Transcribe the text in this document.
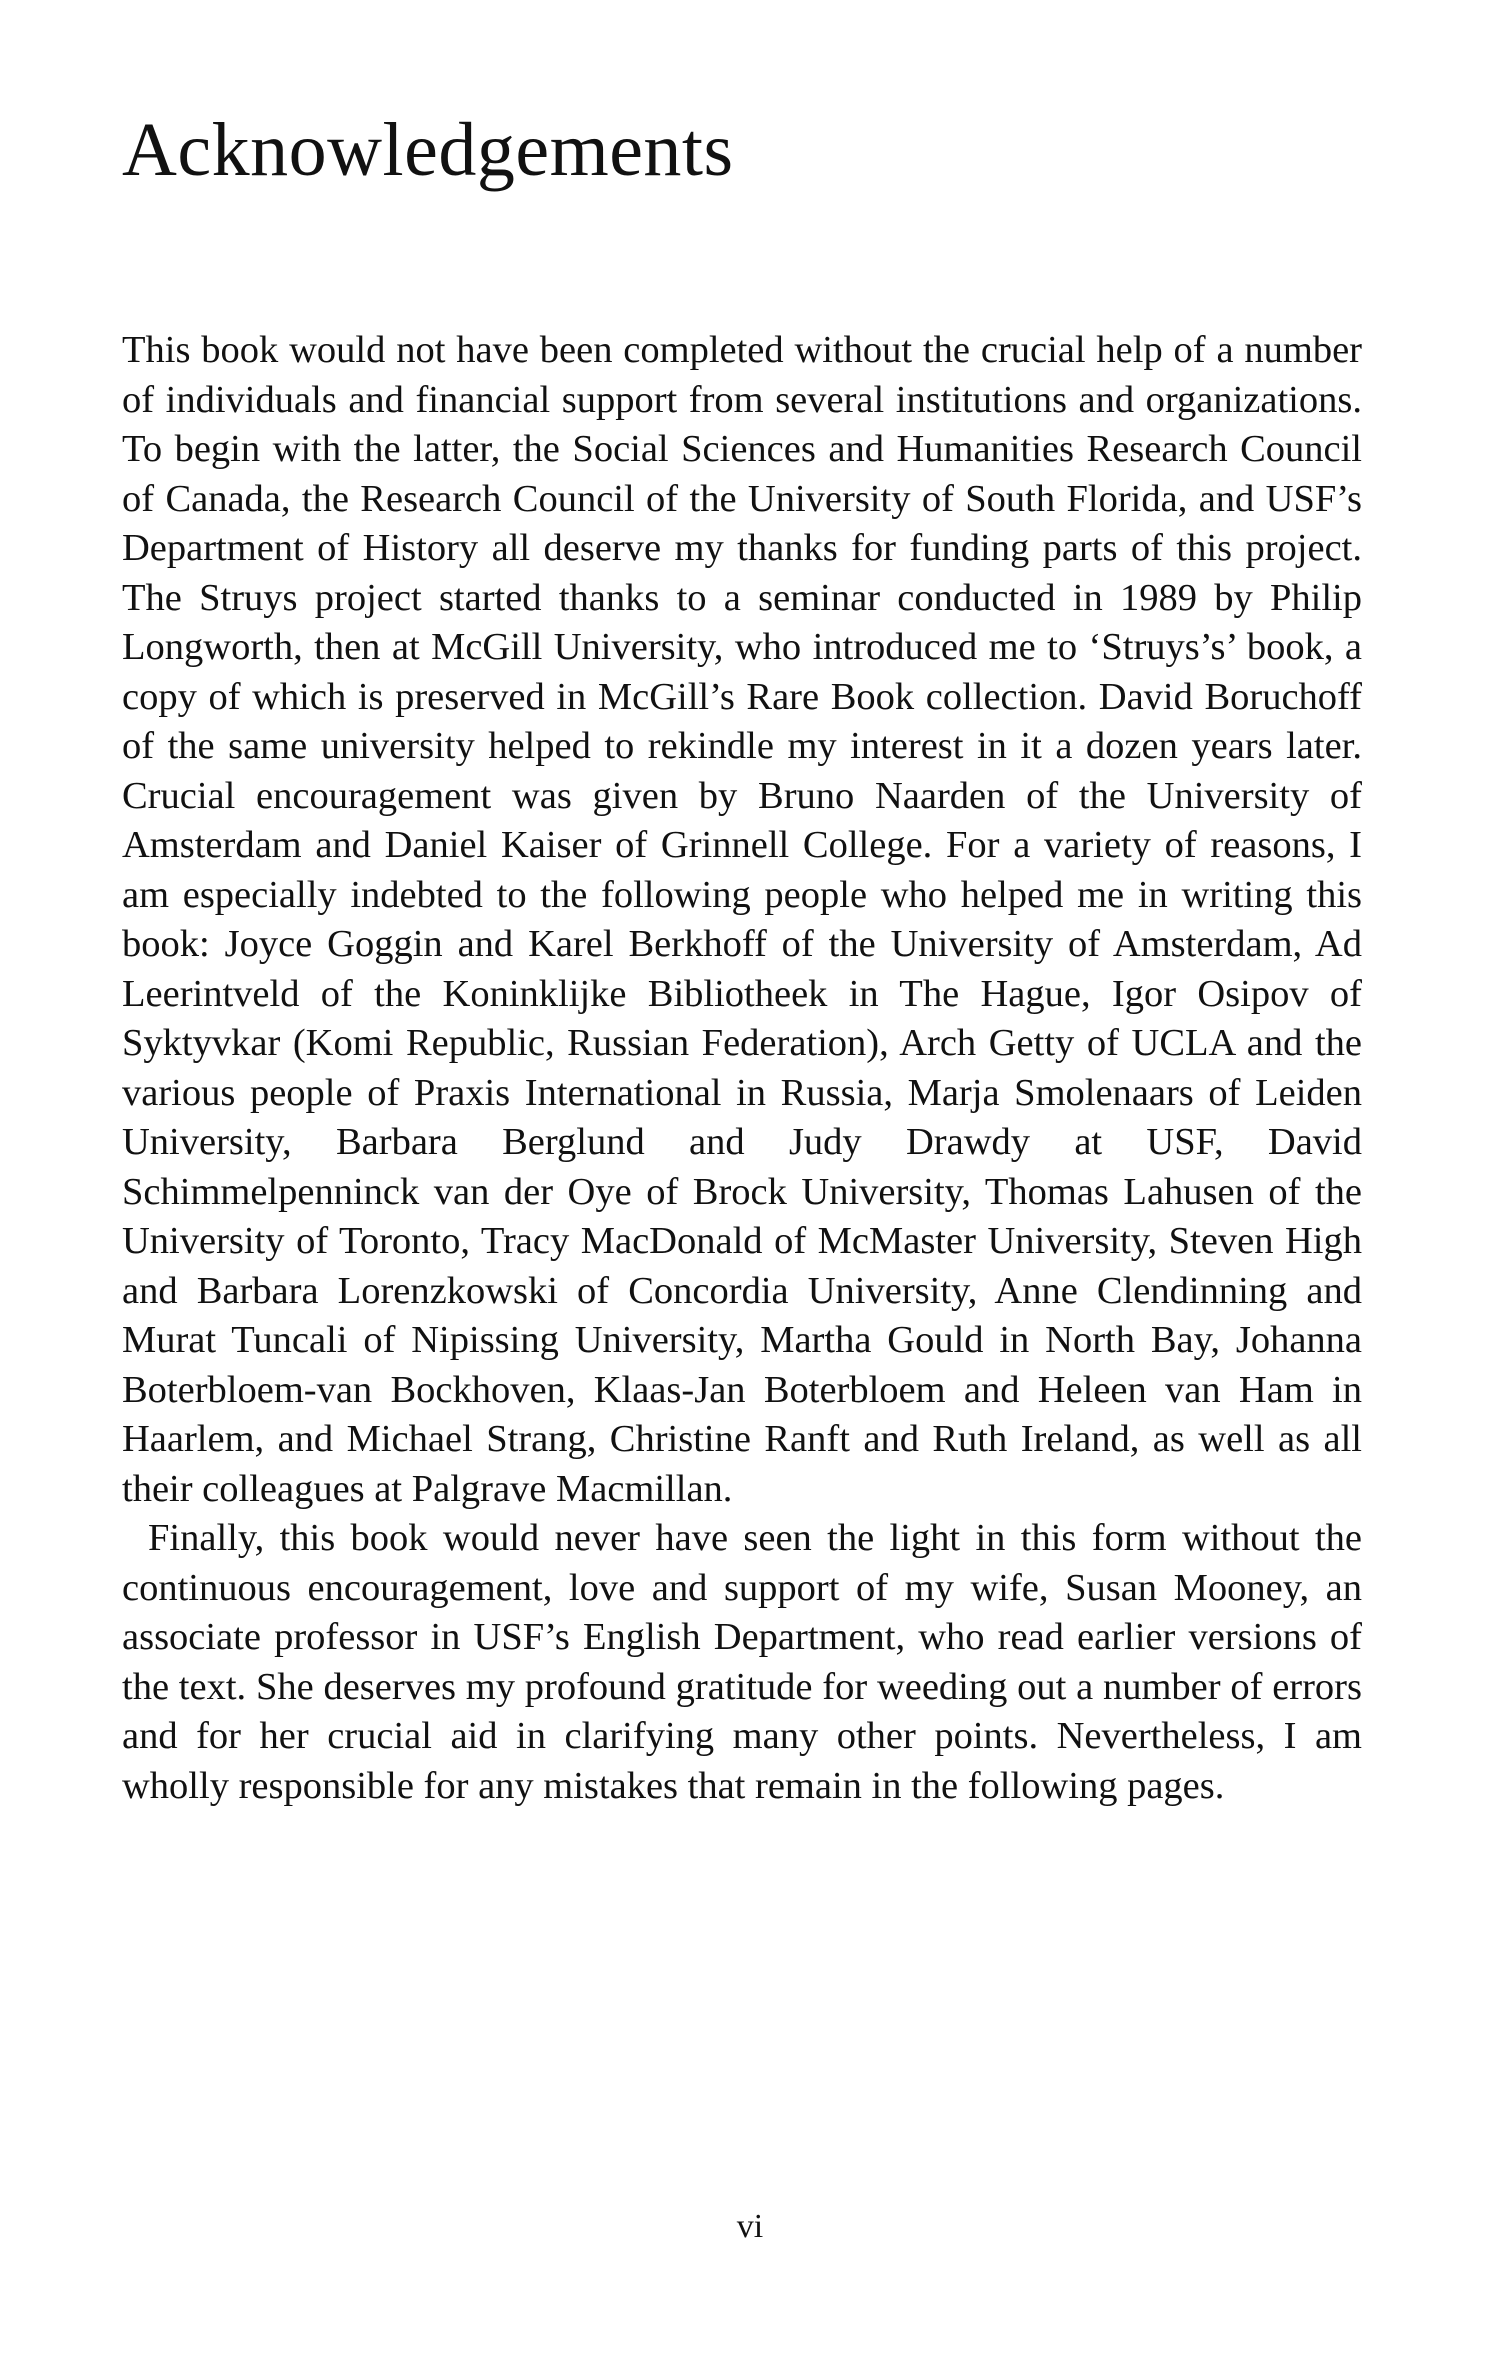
Acknowledgements

This book would not have been completed without the crucial help of a number of individuals and financial support from several institutions and organizations. To begin with the latter, the Social Sciences and Humanities Research Council of Canada, the Research Council of the University of South Florida, and USF’s Department of History all deserve my thanks for funding parts of this project. The Struys project started thanks to a seminar conducted in 1989 by Philip Longworth, then at McGill University, who introduced me to ‘Struys’s’ book, a copy of which is preserved in McGill’s Rare Book collection. David Boruchoff of the same university helped to rekindle my interest in it a dozen years later. Crucial encouragement was given by Bruno Naarden of the University of Amsterdam and Daniel Kaiser of Grinnell College. For a variety of reasons, I am especially indebted to the following people who helped me in writing this book: Joyce Goggin and Karel Berkhoff of the University of Amsterdam, Ad Leerintveld of the Koninklijke Bibliotheek in The Hague, Igor Osipov of Syktyvkar (Komi Republic, Russian Federation), Arch Getty of UCLA and the various people of Praxis International in Russia, Marja Smolenaars of Leiden University, Barbara Berglund and Judy Drawdy at USF, David Schimmelpenninck van der Oye of Brock University, Thomas Lahusen of the University of Toronto, Tracy MacDonald of McMaster University, Steven High and Barbara Lorenzkowski of Concordia University, Anne Clendinning and Murat Tuncali of Nipissing University, Martha Gould in North Bay, Johanna Boterbloem-van Bockhoven, Klaas-Jan Boterbloem and Heleen van Ham in Haarlem, and Michael Strang, Christine Ranft and Ruth Ireland, as well as all their colleagues at Palgrave Macmillan.

Finally, this book would never have seen the light in this form without the continuous encouragement, love and support of my wife, Susan Mooney, an associate professor in USF’s English Department, who read earlier versions of the text. She deserves my profound gratitude for weeding out a number of errors and for her crucial aid in clarifying many other points. Nevertheless, I am wholly responsible for any mistakes that remain in the following pages.

vi
